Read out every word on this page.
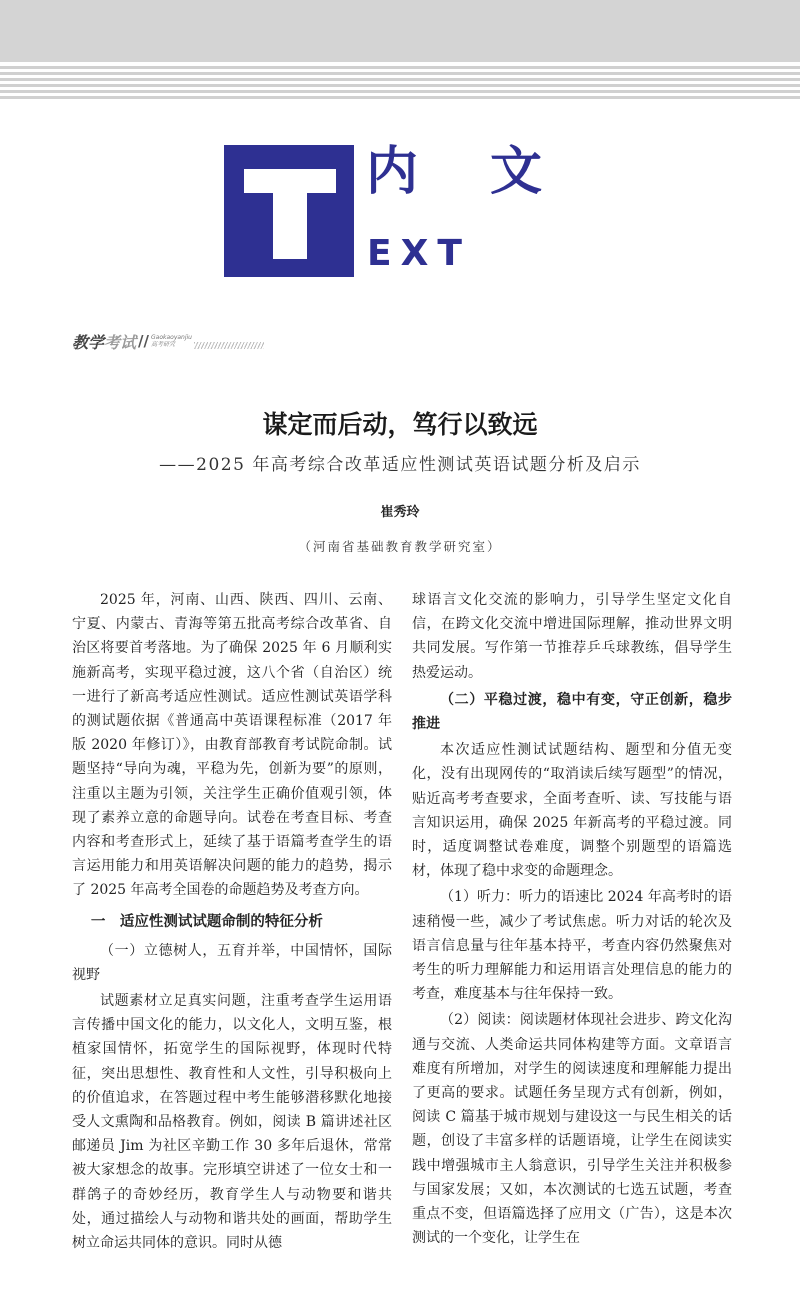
内文
EXT
教学 考试 // Gaokaoyanjiu
高考研究
谋定而后动，笃行以致远
——2025 年高考综合改革适应性测试英语试题分析及启示
崔秀玲
（河南省基础教育教学研究室）

2025 年，河南、山西、陕西、四川、云南、宁夏、内蒙古、青海等第五批高考综合改革省、自治区将要首考落地。为了确保 2025 年 6 月顺利实施新高考，实现平稳过渡，这八个省（自治区）统一进行了新高考适应性测试。适应性测试英语学科的测试题依据《普通高中英语课程标准（2017 年版 2020 年修订）》，由教育部教育考试院命制。试题坚持“导向为魂，平稳为先，创新为要”的原则，注重以主题为引领，关注学生正确价值观引领，体现了素养立意的命题导向。试卷在考查目标、考查内容和考查形式上，延续了基于语篇考查学生的语言运用能力和用英语解决问题的能力的趋势，揭示了 2025 年高考全国卷的命题趋势及考查方向。

一　适应性测试试题命制的特征分析
（一）立德树人，五育并举，中国情怀，国际视野

试题素材立足真实问题，注重考查学生运用语言传播中国文化的能力，以文化人，文明互鉴，根植家国情怀，拓宽学生的国际视野，体现时代特征，突出思想性、教育性和人文性，引导积极向上的价值追求，在答题过程中考生能够潜移默化地接受人文熏陶和品格教育。例如，阅读 B 篇讲述社区邮递员 Jim 为社区辛勤工作 30 多年后退休，常常被大家想念的故事。完形填空讲述了一位女士和一群鸽子的奇妙经历，教育学生人与动物要和谐共处，通过描绘人与动物和谐共处的画面，帮助学生树立命运共同体的意识。同时从德

球语言文化交流的影响力，引导学生坚定文化自信，在跨文化交流中增进国际理解，推动世界文明共同发展。写作第一节推荐乒乓球教练，倡导学生热爱运动。

（二）平稳过渡，稳中有变，守正创新，稳步推进

本次适应性测试试题结构、题型和分值无变化，没有出现网传的“取消读后续写题型”的情况，贴近高考考查要求，全面考查听、读、写技能与语言知识运用，确保 2025 年新高考的平稳过渡。同时，适度调整试卷难度，调整个别题型的语篇选材，体现了稳中求变的命题理念。

（1）听力：听力的语速比 2024 年高考时的语速稍慢一些，减少了考试焦虑。听力对话的轮次及语言信息量与往年基本持平，考查内容仍然聚焦对考生的听力理解能力和运用语言处理信息的能力的考查，难度基本与往年保持一致。

（2）阅读：阅读题材体现社会进步、跨文化沟通与交流、人类命运共同体构建等方面。文章语言难度有所增加，对学生的阅读速度和理解能力提出了更高的要求。试题任务呈现方式有创新，例如，阅读 C 篇基于城市规划与建设这一与民生相关的话题，创设了丰富多样的话题语境，让学生在阅读实践中增强城市主人翁意识，引导学生关注并积极参与国家发展；又如，本次测试的七选五试题，考查重点不变，但语篇选择了应用文（广告），这是本次测试的一个变化，让学生在
